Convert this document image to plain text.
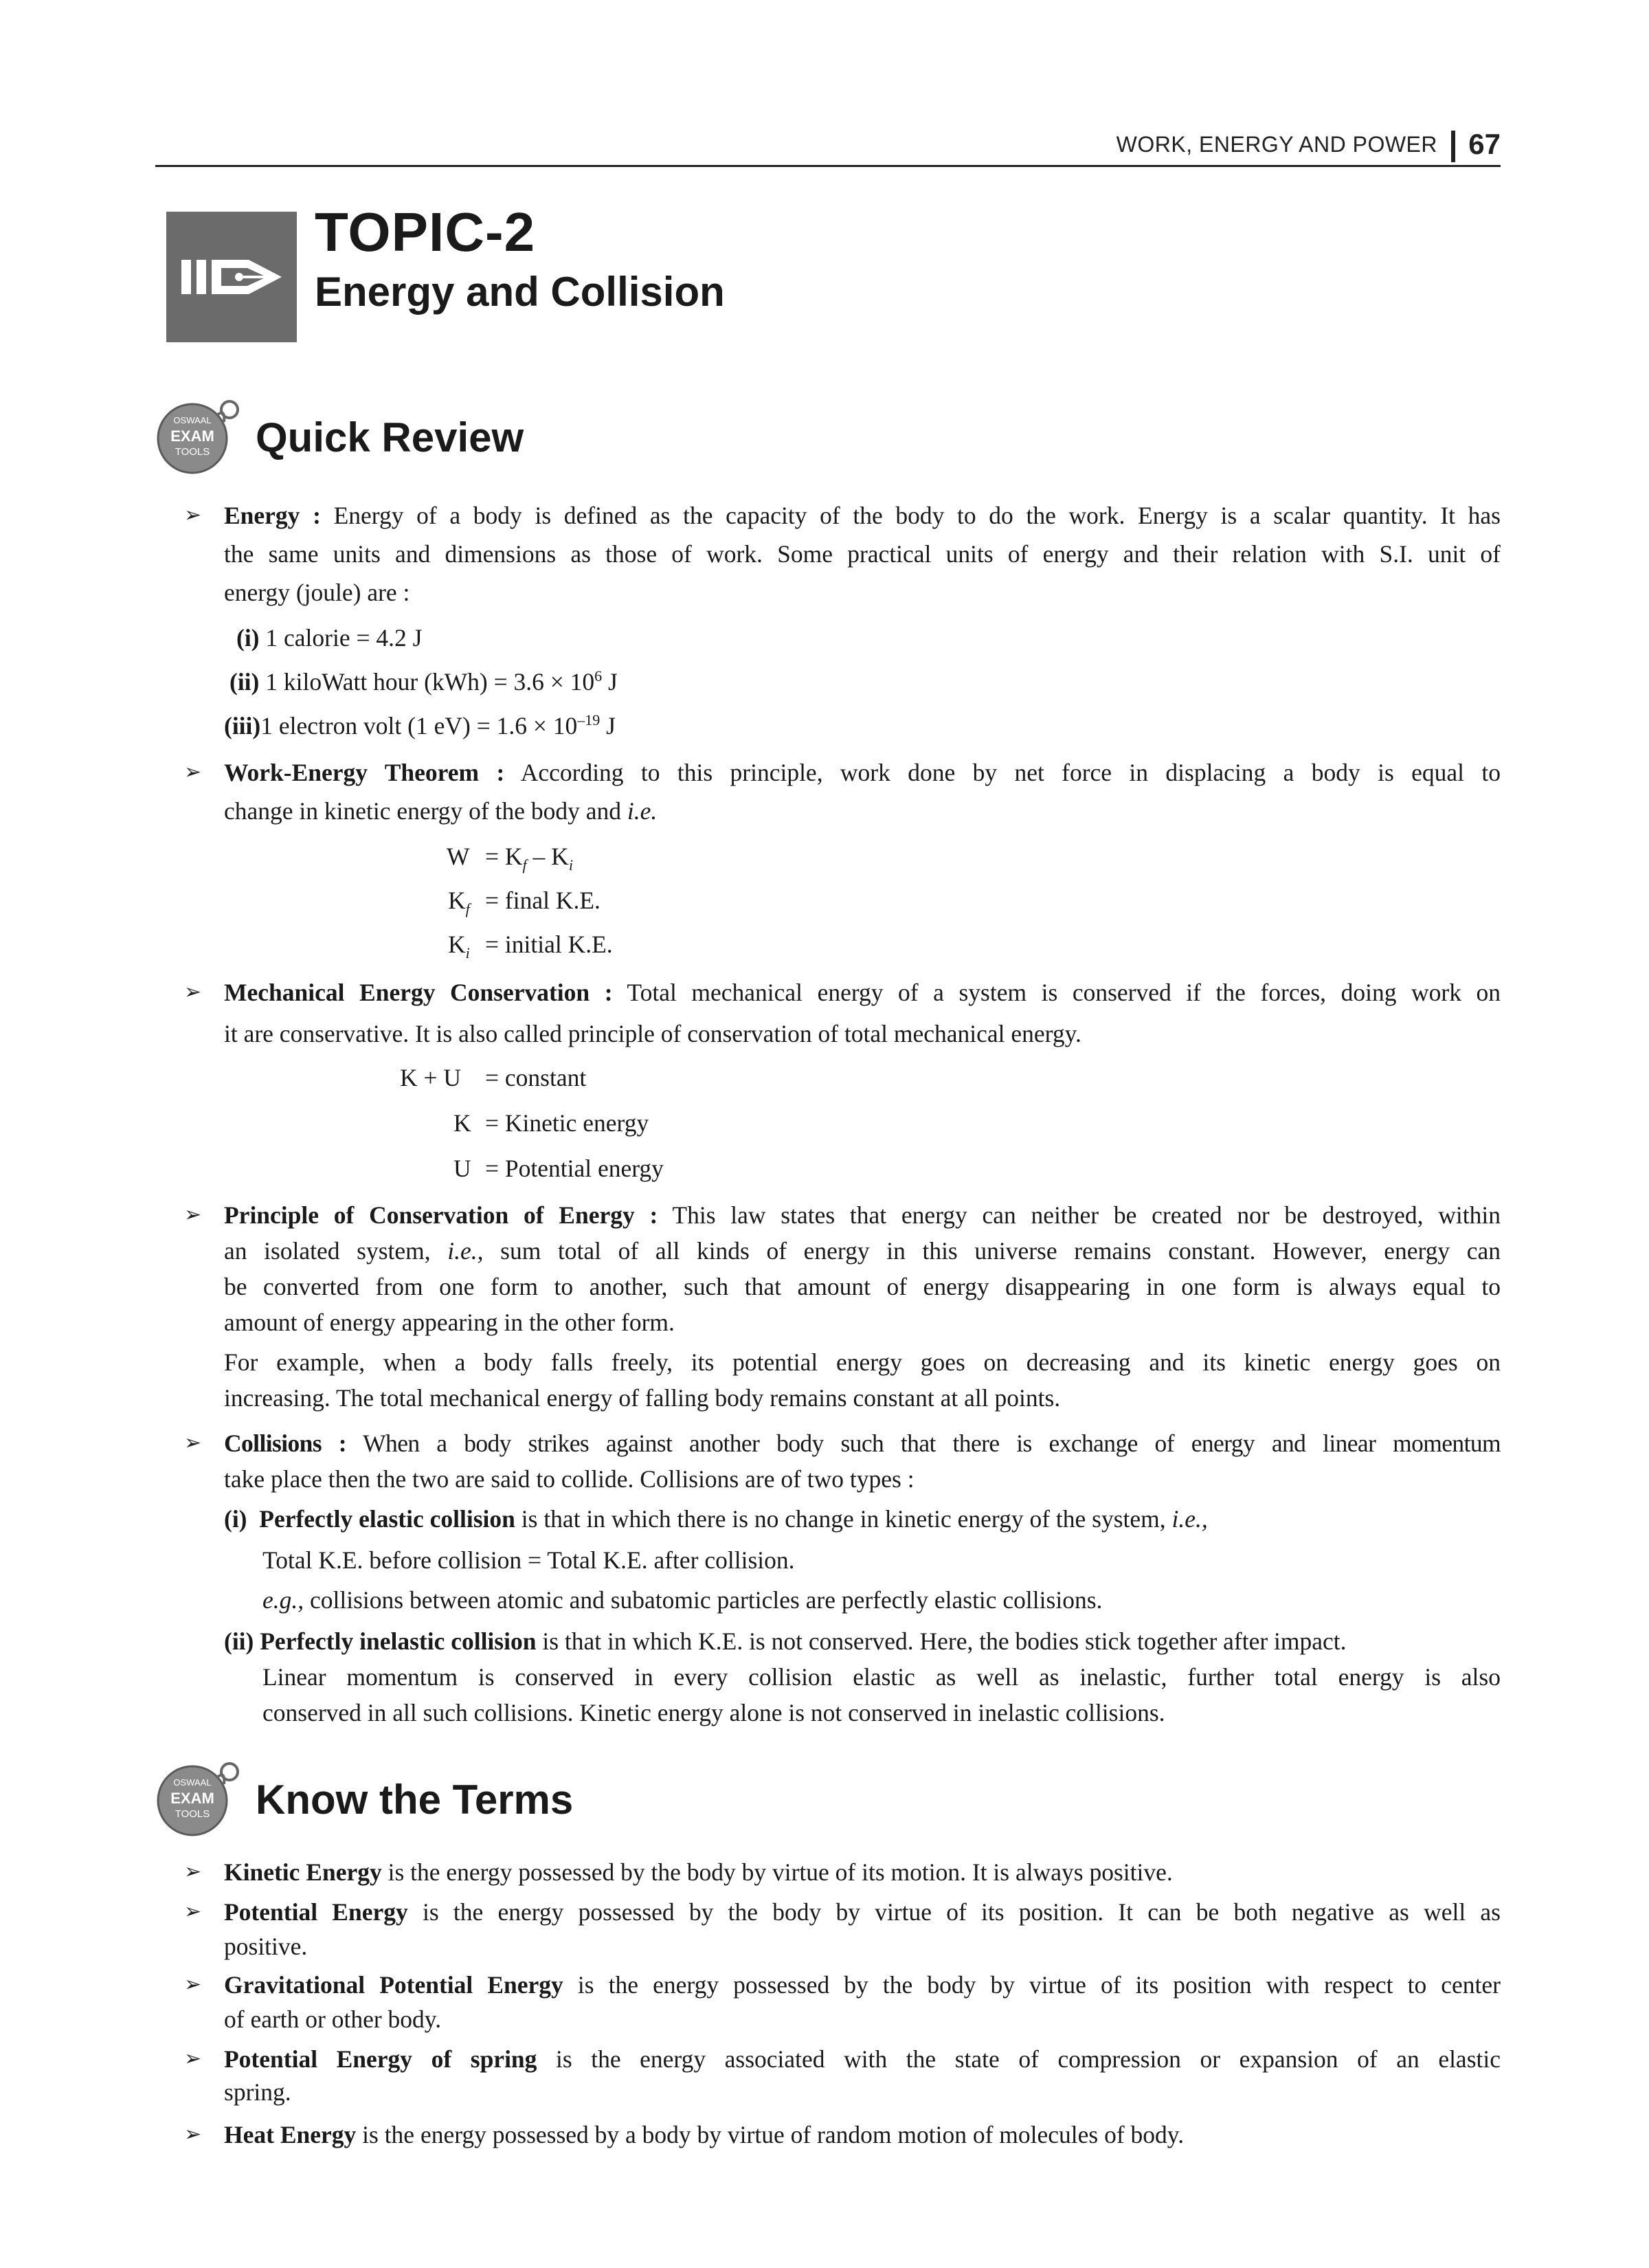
WORK, ENERGY AND POWER 67
TOPIC-2
Energy and Collision
OSWAAL
EXAM
TOOLS Quick Review
➢ Energy : Energy of a body is defined as the capacity of the body to do the work. Energy is a scalar quantity. It has
the same units and dimensions as those of work. Some practical units of energy and their relation with S.I. unit of
energy (joule) are :
(i) 1 calorie = 4.2 J
(ii) 1 kiloWatt hour $(kWh) = 3.6 \times 10^6$ J
(iii)1 electron volt (1 $eV) = 1.6 \times 10^{-19}$ J
➢ Work-Energy Theorem : According to this principle, work done by net force in displacing a body is equal to
change in kinetic energy of the body and i.e.
$W = K_f - K_i$
$K_f$ = final K.E.
$K_i$ = initial K.E.
➢ Mechanical Energy Conservation : Total mechanical energy of a system is conserved if the forces, doing work on
it are conservative. It is also called principle of conservation of total mechanical energy.
K + U = constant
K = Kinetic energy
U = Potential energy
➢ Principle of Conservation of Energy : This law states that energy can neither be created nor be destroyed, within
an isolated system, i.e., sum total of all kinds of energy in this universe remains constant. However, energy can
be converted from one form to another, such that amount of energy disappearing in one form is always equal to
amount of energy appearing in the other form.
For example, when a body falls freely, its potential energy goes on decreasing and its kinetic energy goes on
increasing. The total mechanical energy of falling body remains constant at all points.
➢ Collisions : When a body strikes against another body such that there is exchange of energy and linear momentum
take place then the two are said to collide. Collisions are of two types :
(i) Perfectly elastic collision is that in which there is no change in kinetic energy of the system, i.e.,
Total K.E. before collision = Total K.E. after collision.
e.g., collisions between atomic and subatomic particles are perfectly elastic collisions.
(ii) Perfectly inelastic collision is that in which K.E. is not conserved. Here, the bodies stick together after impact.
Linear momentum is conserved in every collision elastic as well as inelastic, further total energy is also
conserved in all such collisions. Kinetic energy alone is not conserved in inelastic collisions.
OSWAAL
EXAM
TOOLS Know the Terms
➢ Kinetic Energy is the energy possessed by the body by virtue of its motion. It is always positive.
➢ Potential Energy is the energy possessed by the body by virtue of its position. It can be both negative as well as
positive.
➢ Gravitational Potential Energy is the energy possessed by the body by virtue of its position with respect to center
of earth or other body.
➢ Potential Energy of spring is the energy associated with the state of compression or expansion of an elastic
spring.
➢ Heat Energy is the energy possessed by a body by virtue of random motion of molecules of body.
